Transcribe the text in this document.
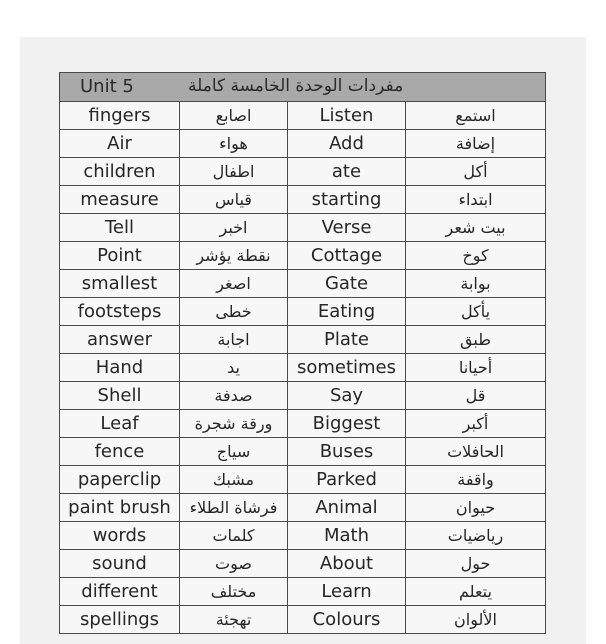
Unit 5 مفردات الوحدة الخامسة كاملة			

fingers	اصابع	Listen	استمع
Air	هواء	Add	إضافة
children	اطفال	ate	أكل
measure	قياس	starting	ابتداء
Tell	اخبر	Verse	بيت شعر
Point	نقطة يؤشر	Cottage	كوخ
smallest	اصغر	Gate	بوابة
footsteps	خطى	Eating	يأكل
answer	اجابة	Plate	طبق
Hand	يد	sometimes	أحيانا
Shell	صدفة	Say	قل
Leaf	ورقة شجرة	Biggest	أكبر
fence	سياج	Buses	الحافلات
paperclip	مشبك	Parked	واقفة
paint brush	فرشاة الطلاء	Animal	حيوان
words	كلمات	Math	رياضيات
sound	صوت	About	حول
different	مختلف	Learn	يتعلم
spellings	تهجئة	Colours	الألوان
